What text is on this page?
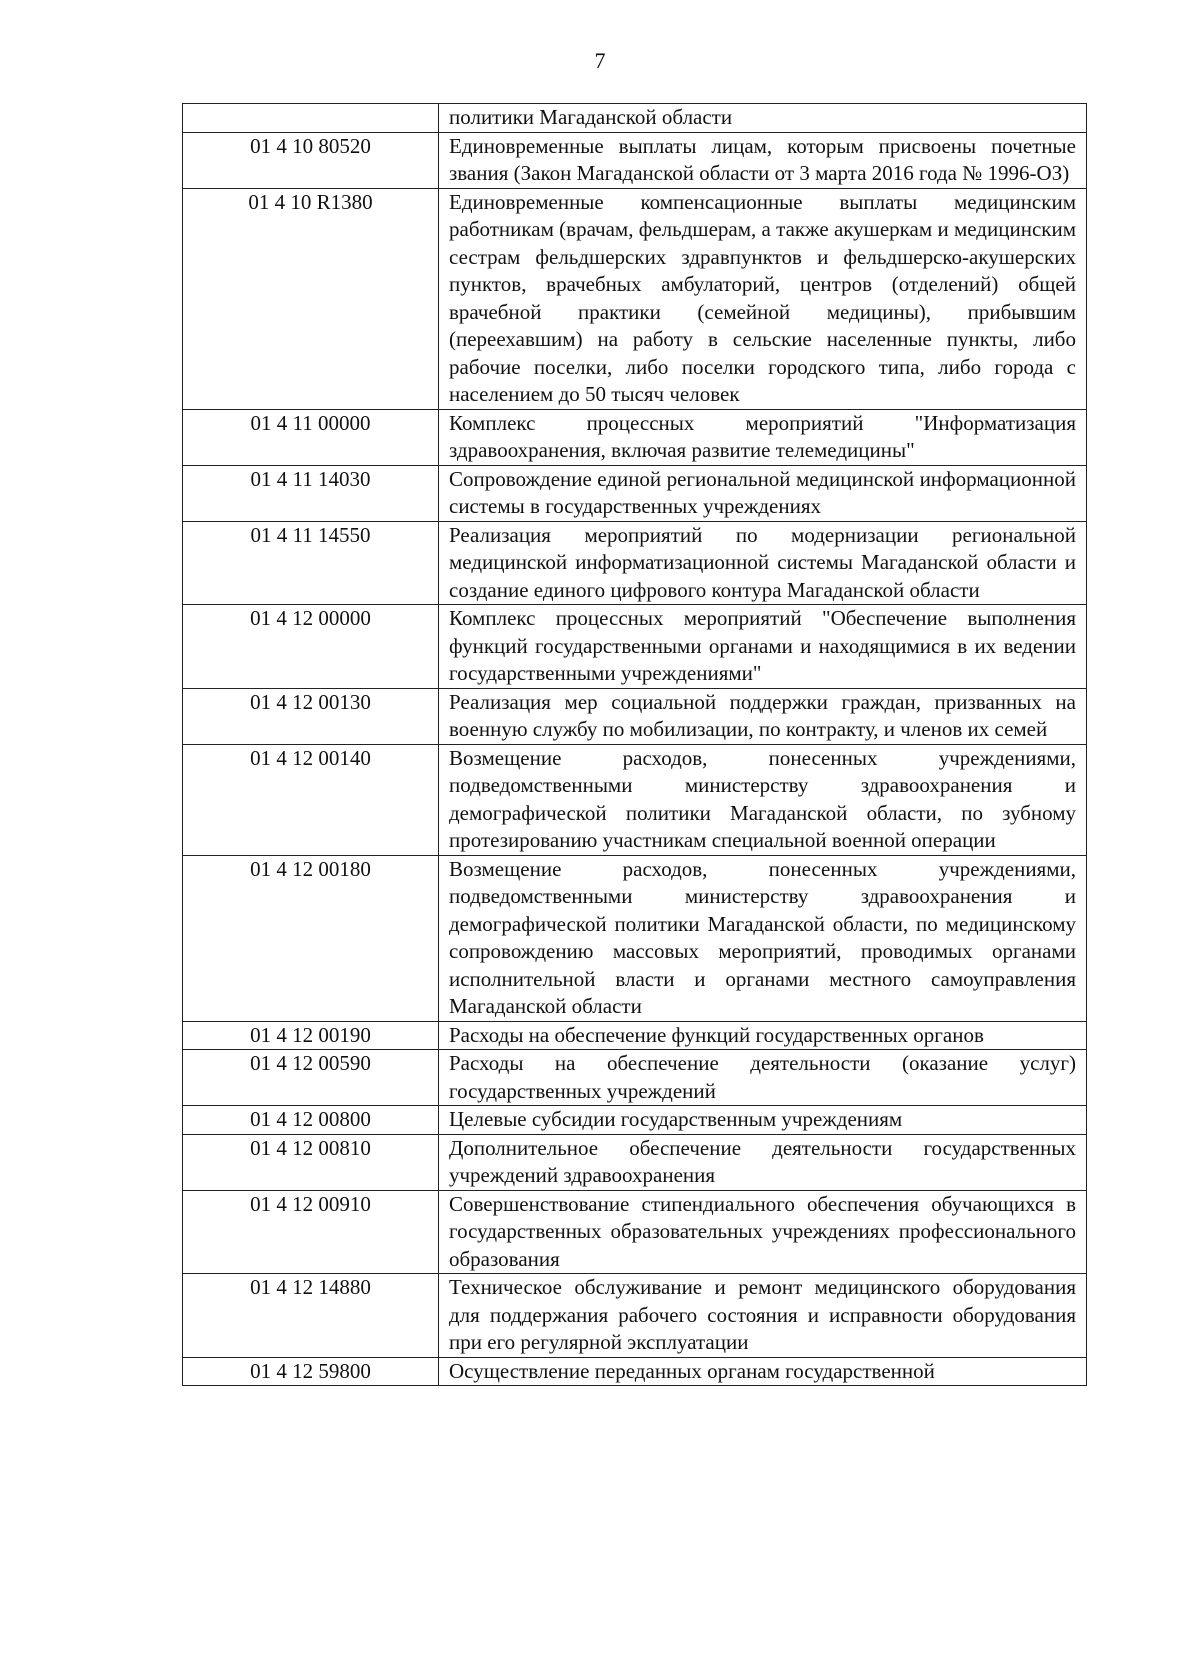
7
	политики Магаданской области
01 4 10 80520	Единовременные выплаты лицам, которым присвоены почетные звания (Закон Магаданской области от 3 марта 2016 года № 1996-ОЗ)
01 4 10 R1380	Единовременные компенсационные выплаты медицинским работникам (врачам, фельдшерам, а также акушеркам и медицинским сестрам фельдшерских здравпунктов и фельдшерско-акушерских пунктов, врачебных амбулаторий, центров (отделений) общей врачебной практики (семейной медицины), прибывшим (переехавшим) на работу в сельские населенные пункты, либо рабочие поселки, либо поселки городского типа, либо города с населением до 50 тысяч человек
01 4 11 00000	Комплекс процессных мероприятий "Информатизация здравоохранения, включая развитие телемедицины"
01 4 11 14030	Сопровождение единой региональной медицинской информационной системы в государственных учреждениях
01 4 11 14550	Реализация мероприятий по модернизации региональной медицинской информатизационной системы Магаданской области и создание единого цифрового контура Магаданской области
01 4 12 00000	Комплекс процессных мероприятий "Обеспечение выполнения функций государственными органами и находящимися в их ведении государственными учреждениями"
01 4 12 00130	Реализация мер социальной поддержки граждан, призванных на военную службу по мобилизации, по контракту, и членов их семей
01 4 12 00140	Возмещение расходов, понесенных учреждениями, подведомственными министерству здравоохранения и демографической политики Магаданской области, по зубному протезированию участникам специальной военной операции
01 4 12 00180	Возмещение расходов, понесенных учреждениями, подведомственными министерству здравоохранения и демографической политики Магаданской области, по медицинскому сопровождению массовых мероприятий, проводимых органами исполнительной власти и органами местного самоуправления Магаданской области
01 4 12 00190	Расходы на обеспечение функций государственных органов
01 4 12 00590	Расходы на обеспечение деятельности (оказание услуг) государственных учреждений
01 4 12 00800	Целевые субсидии государственным учреждениям
01 4 12 00810	Дополнительное обеспечение деятельности государственных учреждений здравоохранения
01 4 12 00910	Совершенствование стипендиального обеспечения обучающихся в государственных образовательных учреждениях профессионального образования
01 4 12 14880	Техническое обслуживание и ремонт медицинского оборудования для поддержания рабочего состояния и исправности оборудования при его регулярной эксплуатации
01 4 12 59800	Осуществление переданных органам государственной
